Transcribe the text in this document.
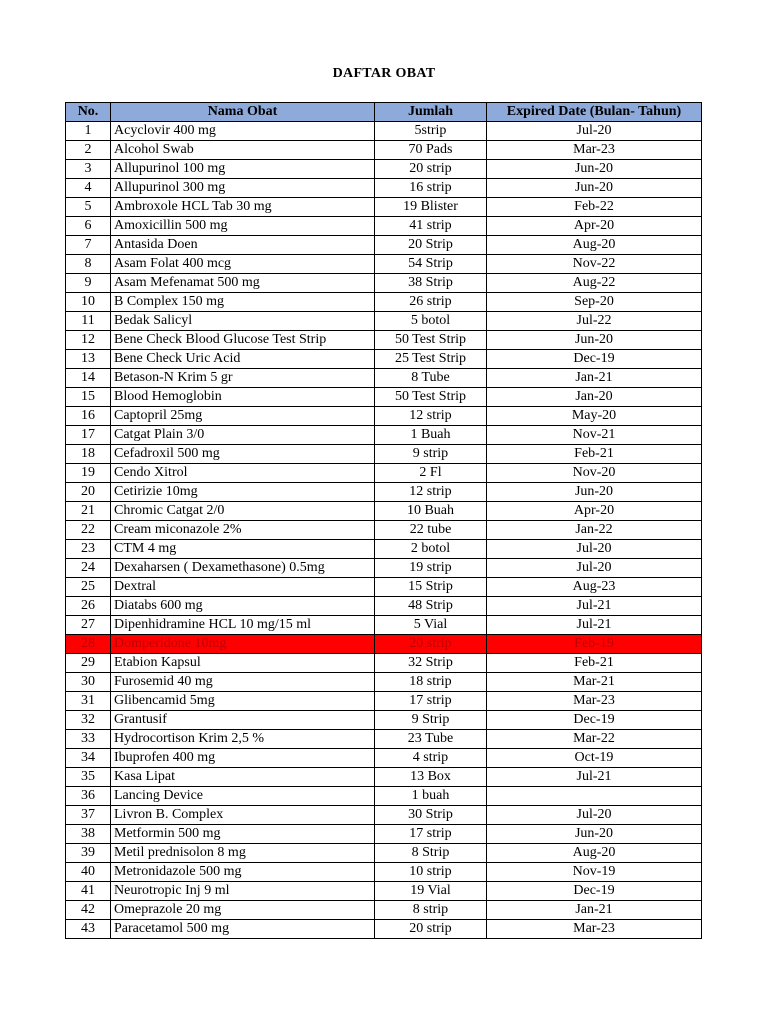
DAFTAR OBAT
No.	Nama Obat	Jumlah	Expired Date (Bulan- Tahun)
1	Acyclovir 400 mg	5strip	Jul-20
2	Alcohol Swab	70 Pads	Mar-23
3	Allupurinol 100 mg	20 strip	Jun-20
4	Allupurinol 300 mg	16 strip	Jun-20
5	Ambroxole HCL Tab 30 mg	19 Blister	Feb-22
6	Amoxicillin 500 mg	41 strip	Apr-20
7	Antasida Doen	20 Strip	Aug-20
8	Asam Folat 400 mcg	54 Strip	Nov-22
9	Asam Mefenamat 500 mg	38 Strip	Aug-22
10	B Complex 150 mg	26 strip	Sep-20
11	Bedak Salicyl	5 botol	Jul-22
12	Bene Check Blood Glucose Test Strip	50 Test Strip	Jun-20
13	Bene Check Uric Acid	25 Test Strip	Dec-19
14	Betason-N Krim 5 gr	8 Tube	Jan-21
15	Blood Hemoglobin	50 Test Strip	Jan-20
16	Captopril 25mg	12 strip	May-20
17	Catgat Plain 3/0	1 Buah	Nov-21
18	Cefadroxil 500 mg	9 strip	Feb-21
19	Cendo Xitrol	2 Fl	Nov-20
20	Cetirizie 10mg	12 strip	Jun-20
21	Chromic Catgat 2/0	10 Buah	Apr-20
22	Cream miconazole 2%	22 tube	Jan-22
23	CTM 4 mg	2 botol	Jul-20
24	Dexaharsen ( Dexamethasone) 0.5mg	19 strip	Jul-20
25	Dextral	15 Strip	Aug-23
26	Diatabs 600 mg	48 Strip	Jul-21
27	Dipenhidramine HCL 10 mg/15 ml	5 Vial	Jul-21
28	Domperidone 10mg	20 strip	Feb-19
29	Etabion Kapsul	32 Strip	Feb-21
30	Furosemid 40 mg	18 strip	Mar-21
31	Glibencamid 5mg	17 strip	Mar-23
32	Grantusif	9 Strip	Dec-19
33	Hydrocortison Krim 2,5 %	23 Tube	Mar-22
34	Ibuprofen 400 mg	4 strip	Oct-19
35	Kasa Lipat	13 Box	Jul-21
36	Lancing Device	1 buah	
37	Livron B. Complex	30 Strip	Jul-20
38	Metformin 500 mg	17 strip	Jun-20
39	Metil prednisolon 8 mg	8 Strip	Aug-20
40	Metronidazole 500 mg	10 strip	Nov-19
41	Neurotropic Inj 9 ml	19 Vial	Dec-19
42	Omeprazole 20 mg	8 strip	Jan-21
43	Paracetamol 500 mg	20 strip	Mar-23
